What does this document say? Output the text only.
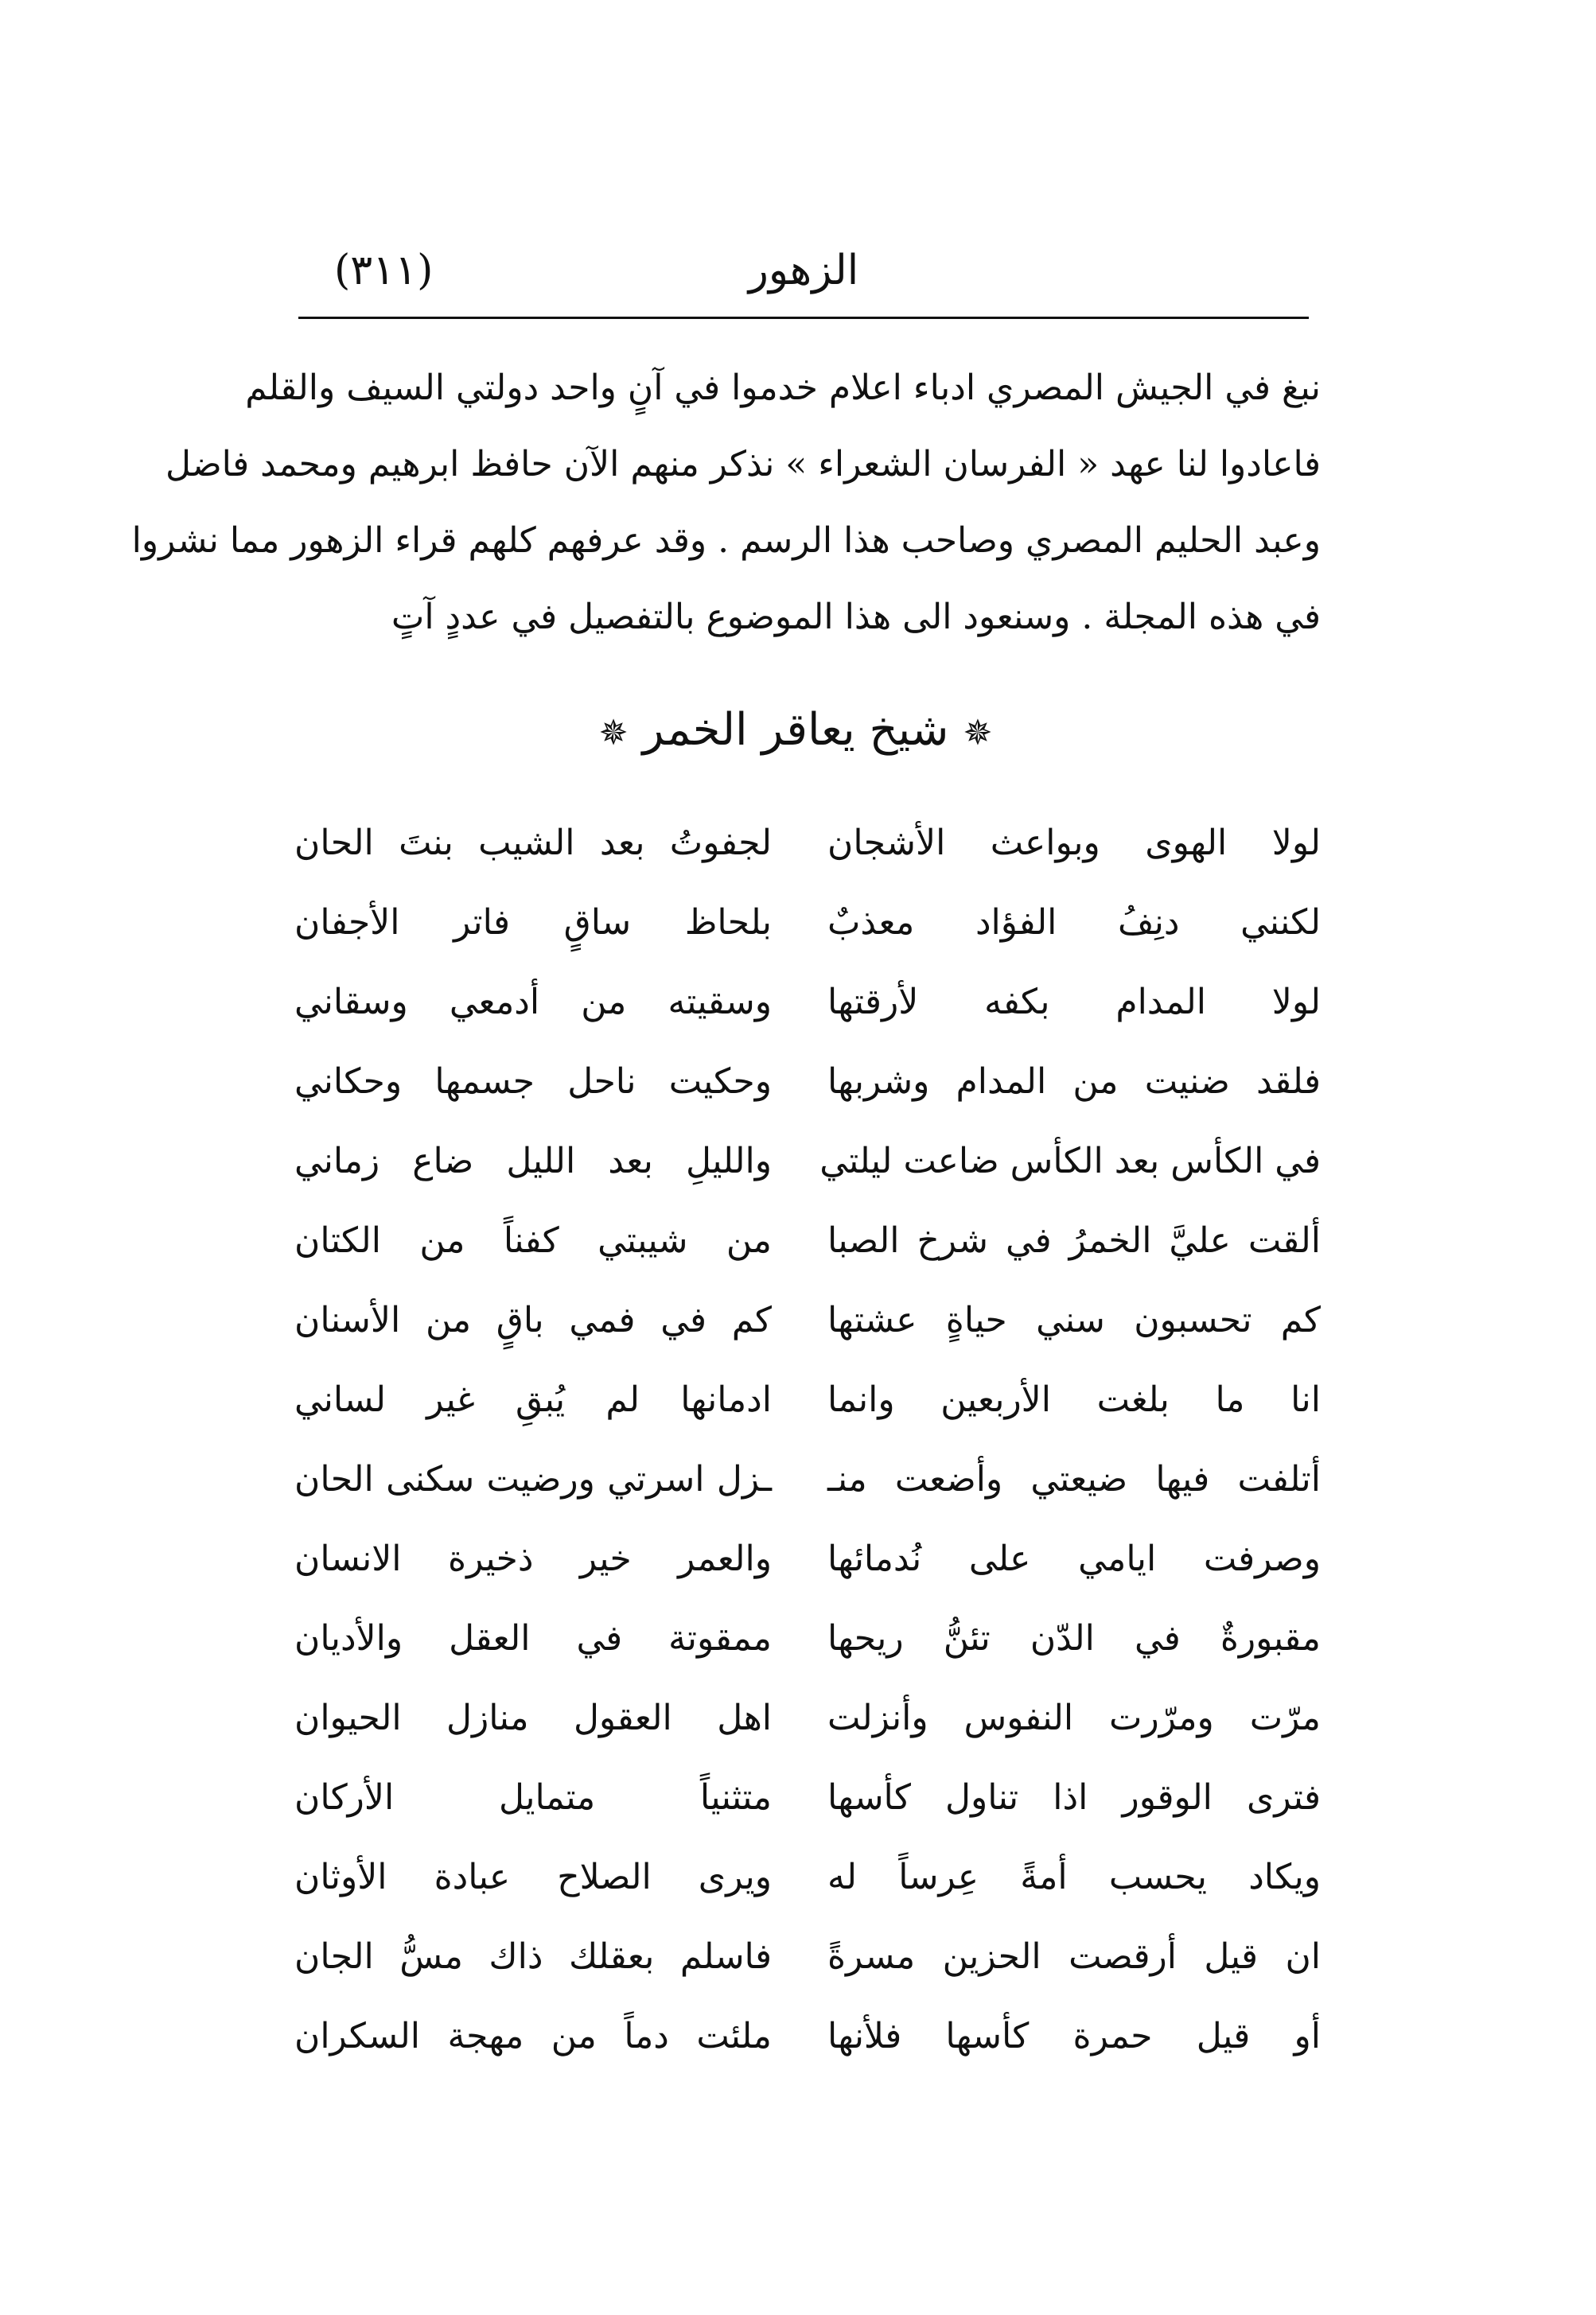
الزهور
(٣١١)
نبغ في الجيش المصري ادباء اعلام خدموا في آنٍ واحد دولتي السيف والقلم
فاعادوا لنا عهد « الفرسان الشعراء » نذكر منهم الآن حافظ ابرهيم ومحمد فاضل
وعبد الحليم المصري وصاحب هذا الرسم . وقد عرفهم كلهم قراء الزهور مما نشروا
في هذه المجلة . وسنعود الى هذا الموضوع بالتفصيل في عددٍ آتٍ
✵شيخ يعاقر الخمر✵
لولا الهوى وبواعث الأشجان
لجفوتُ بعد الشيب بنتَ الحان
لكنني دنِفُ الفؤاد معذبٌ
بلحاظ ساقٍ فاتر الأجفان
لولا المدام بكفه لأرقتها
وسقيته من أدمعي وسقاني
فلقد ضنيت من المدام وشربها
وحكيت ناحل جسمها وحكاني
في الكأس بعد الكأس ضاعت ليلتي
والليلِ بعد الليل ضاع زماني
ألقت عليَّ الخمرُ في شرخ الصبا
من شيبتي كفناً من الكتان
كم تحسبون سني حياةٍ عشتها
كم في فمي باقٍ من الأسنان
انا ما بلغت الأربعين وانما
ادمانها لم يُبقِ غير لساني
أتلفت فيها ضيعتي وأضعت منـ
ـزل اسرتي ورضيت سكنى الحان
وصرفت ايامي على نُدمائها
والعمر خير ذخيرة الانسان
مقبورةٌ في الدّن تئنُّ ريحها
ممقوتة في العقل والأديان
مرّت ومرّرت النفوس وأنزلت
اهل العقول منازل الحيوان
فترى الوقور اذا تناول كأسها
متثنياً متمايل الأركان
ويكاد يحسب أمةً عِرساً له
ويرى الصلاح عبادة الأوثان
ان قيل أرقصت الحزين مسرةً
فاسلم بعقلك ذاك مسُّ الجان
أو قيل حمرة كأسها فلأنها
ملئت دماً من مهجة السكران
